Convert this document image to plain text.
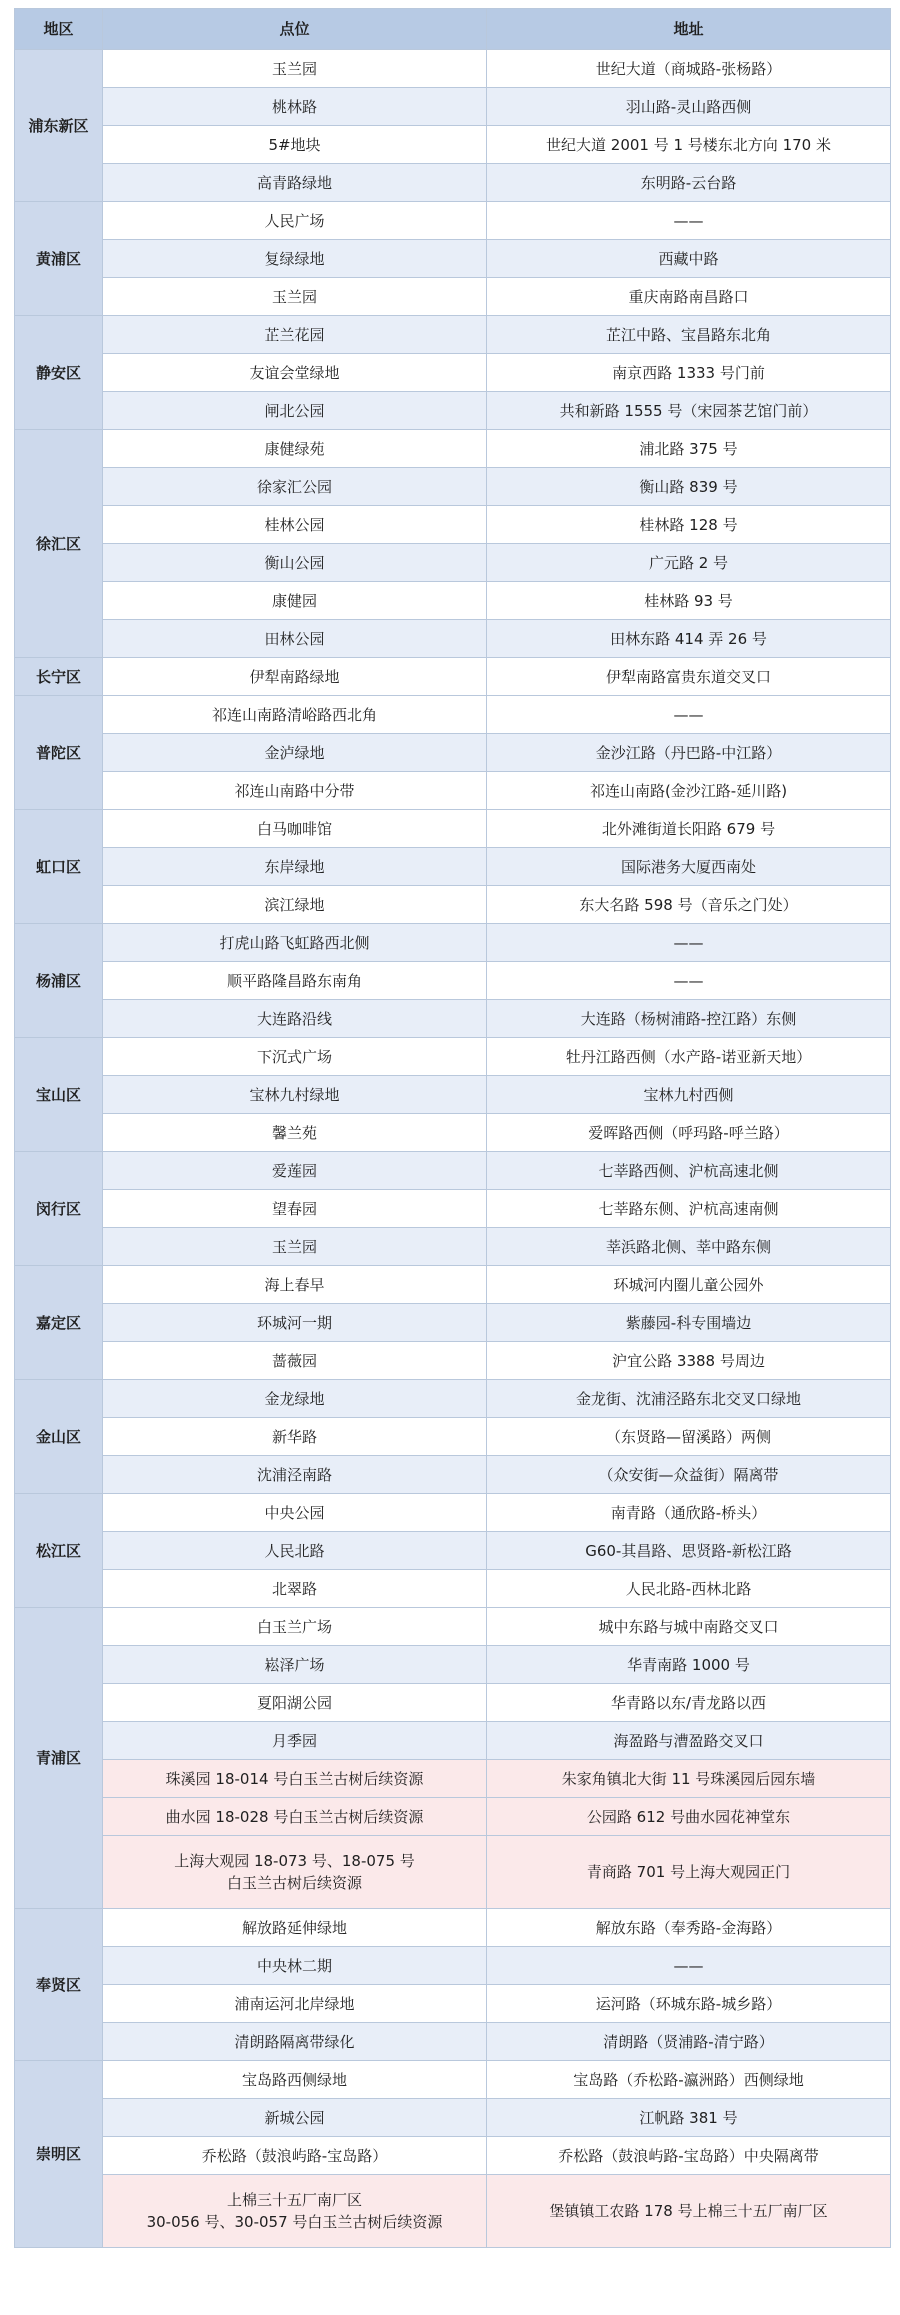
地区	点位	地址
浦东新区	玉兰园	世纪大道（商城路-张杨路）

	桃林路	羽山路-灵山路西侧

	5#地块	世纪大道 2001 号 1 号楼东北方向 170 米

	高青路绿地	东明路-云台路
黄浦区	人民广场	——

	复绿绿地	西藏中路

	玉兰园	重庆南路南昌路口
静安区	芷兰花园	芷江中路、宝昌路东北角

	友谊会堂绿地	南京西路 1333 号门前

	闸北公园	共和新路 1555 号（宋园茶艺馆门前）
徐汇区	康健绿苑	浦北路 375 号

	徐家汇公园	衡山路 839 号

	桂林公园	桂林路 128 号

	衡山公园	广元路 2 号

	康健园	桂林路 93 号

	田林公园	田林东路 414 弄 26 号
长宁区	伊犁南路绿地	伊犁南路富贵东道交叉口
普陀区	祁连山南路清峪路西北角	——

	金泸绿地	金沙江路（丹巴路-中江路）

	祁连山南路中分带	祁连山南路(金沙江路-延川路)
虹口区	白马咖啡馆	北外滩街道长阳路 679 号

	东岸绿地	国际港务大厦西南处

	滨江绿地	东大名路 598 号（音乐之门处）
杨浦区	打虎山路飞虹路西北侧	——

	顺平路隆昌路东南角	——

	大连路沿线	大连路（杨树浦路-控江路）东侧
宝山区	下沉式广场	牡丹江路西侧（水产路-诺亚新天地）

	宝林九村绿地	宝林九村西侧

	馨兰苑	爱晖路西侧（呼玛路-呼兰路）
闵行区	爱莲园	七莘路西侧、沪杭高速北侧

	望春园	七莘路东侧、沪杭高速南侧

	玉兰园	莘浜路北侧、莘中路东侧
嘉定区	海上春早	环城河内圈儿童公园外

	环城河一期	紫藤园-科专围墙边

	蔷薇园	沪宜公路 3388 号周边
金山区	金龙绿地	金龙街、沈浦泾路东北交叉口绿地

	新华路	（东贤路—留溪路）两侧

	沈浦泾南路	（众安街—众益街）隔离带
松江区	中央公园	南青路（通欣路-桥头）

	人民北路	G60-其昌路、思贤路-新松江路

	北翠路	人民北路-西林北路
青浦区	白玉兰广场	城中东路与城中南路交叉口

	崧泽广场	华青南路 1000 号

	夏阳湖公园	华青路以东/青龙路以西

	月季园	海盈路与漕盈路交叉口

	珠溪园 18-014 号白玉兰古树后续资源	朱家角镇北大街 11 号珠溪园后园东墙

	曲水园 18-028 号白玉兰古树后续资源	公园路 612 号曲水园花神堂东

	上海大观园 18-073 号、18-075 号
白玉兰古树后续资源	青商路 701 号上海大观园正门
奉贤区	解放路延伸绿地	解放东路（奉秀路-金海路）

	中央林二期	——

	浦南运河北岸绿地	运河路（环城东路-城乡路）

	清朗路隔离带绿化	清朗路（贤浦路-清宁路）
崇明区	宝岛路西侧绿地	宝岛路（乔松路-瀛洲路）西侧绿地

	新城公园	江帆路 381 号

	乔松路（鼓浪屿路-宝岛路）	乔松路（鼓浪屿路-宝岛路）中央隔离带

	上棉三十五厂南厂区
30-056 号、30-057 号白玉兰古树后续资源	堡镇镇工农路 178 号上棉三十五厂南厂区
